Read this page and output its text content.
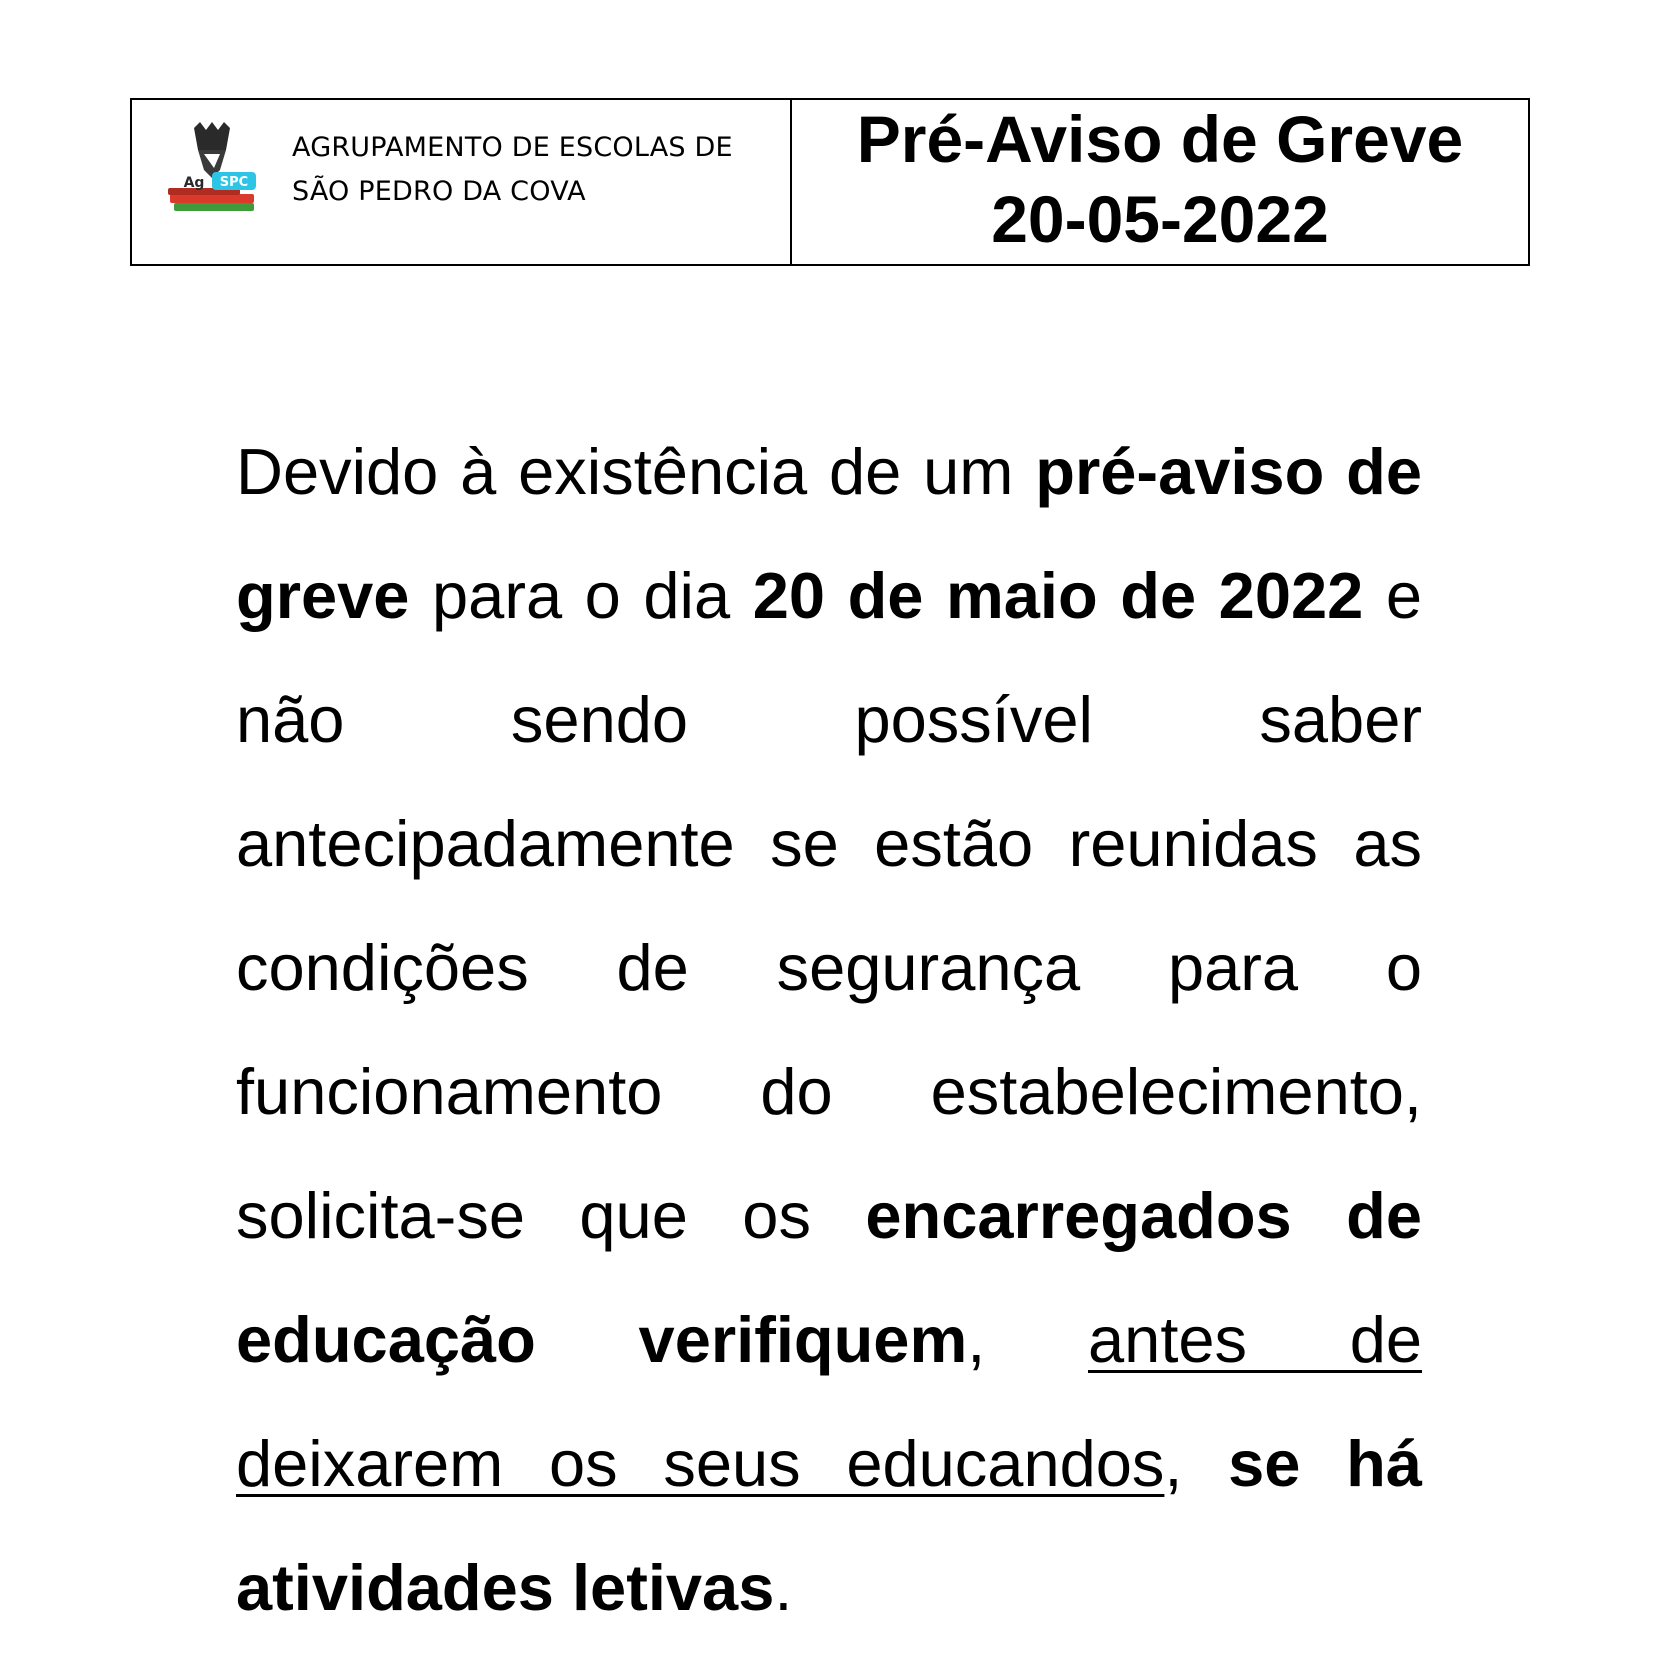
SPC
Ag
AGRUPAMENTO DE ESCOLAS DE
SÃO PEDRO DA COVA
Pré-Aviso de Greve
20-05-2022
Devido à existência de um pré-aviso de greve para o dia 20 de maio de 2022 e não sendo possível saber antecipadamente se estão reunidas as condições de segurança para o funcionamento do estabelecimento, solicita-se que os encarregados de educação verifiquem, antes de deixarem os seus educandos, se há atividades letivas.
